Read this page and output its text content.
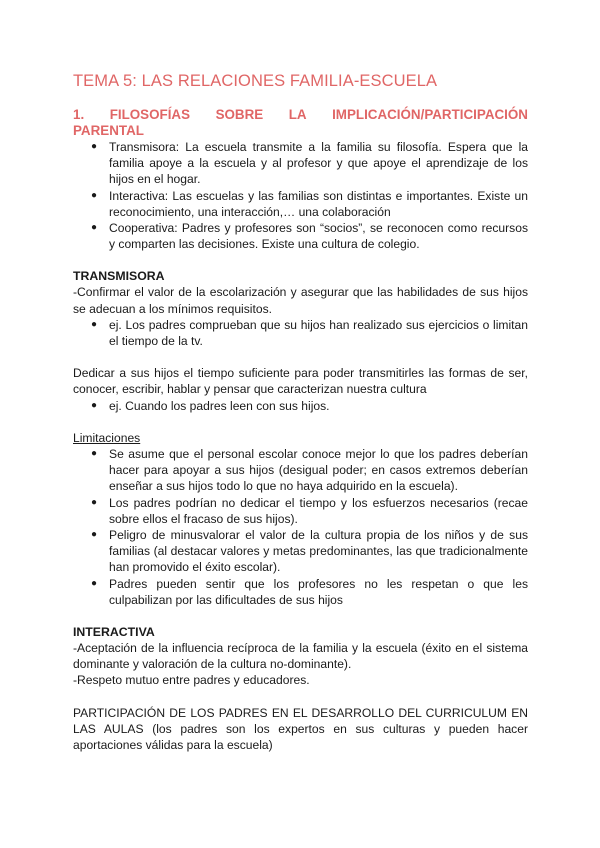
TEMA 5: LAS RELACIONES FAMILIA-ESCUELA
1. FILOSOFÍAS SOBRE LA IMPLICACIÓN/PARTICIPACIÓN
PARENTAL
● Transmisora: La escuela transmite a la familia su filosofía. Espera que la familia apoye a la escuela y al profesor y que apoye el aprendizaje de los hijos en el hogar.
● Interactiva: Las escuelas y las familias son distintas e importantes. Existe un reconocimiento, una interacción,… una colaboración
● Cooperativa: Padres y profesores son “socios”, se reconocen como recursos y comparten las decisiones. Existe una cultura de colegio.
TRANSMISORA

-Confirmar el valor de la escolarización y asegurar que las habilidades de sus hijos se adecuan a los mínimos requisitos.

● ej. Los padres comprueban que su hijos han realizado sus ejercicios o limitan el tiempo de la tv.

Dedicar a sus hijos el tiempo suficiente para poder transmitirles las formas de ser, conocer, escribir, hablar y pensar que caracterizan nuestra cultura

● ej. Cuando los padres leen con sus hijos.

Limitaciones

● Se asume que el personal escolar conoce mejor lo que los padres deberían hacer para apoyar a sus hijos (desigual poder; en casos extremos deberían enseñar a sus hijos todo lo que no haya adquirido en la escuela).
● Los padres podrían no dedicar el tiempo y los esfuerzos necesarios (recae sobre ellos el fracaso de sus hijos).
● Peligro de minusvalorar el valor de la cultura propia de los niños y de sus familias (al destacar valores y metas predominantes, las que tradicionalmente han promovido el éxito escolar).
● Padres pueden sentir que los profesores no les respetan o que les culpabilizan por las dificultades de sus hijos
INTERACTIVA

-Aceptación de la influencia recíproca de la familia y la escuela (éxito en el sistema dominante y valoración de la cultura no-dominante).

-Respeto mutuo entre padres y educadores.

PARTICIPACIÓN DE LOS PADRES EN EL DESARROLLO DEL CURRICULUM EN LAS AULAS (los padres son los expertos en sus culturas y pueden hacer aportaciones válidas para la escuela)
